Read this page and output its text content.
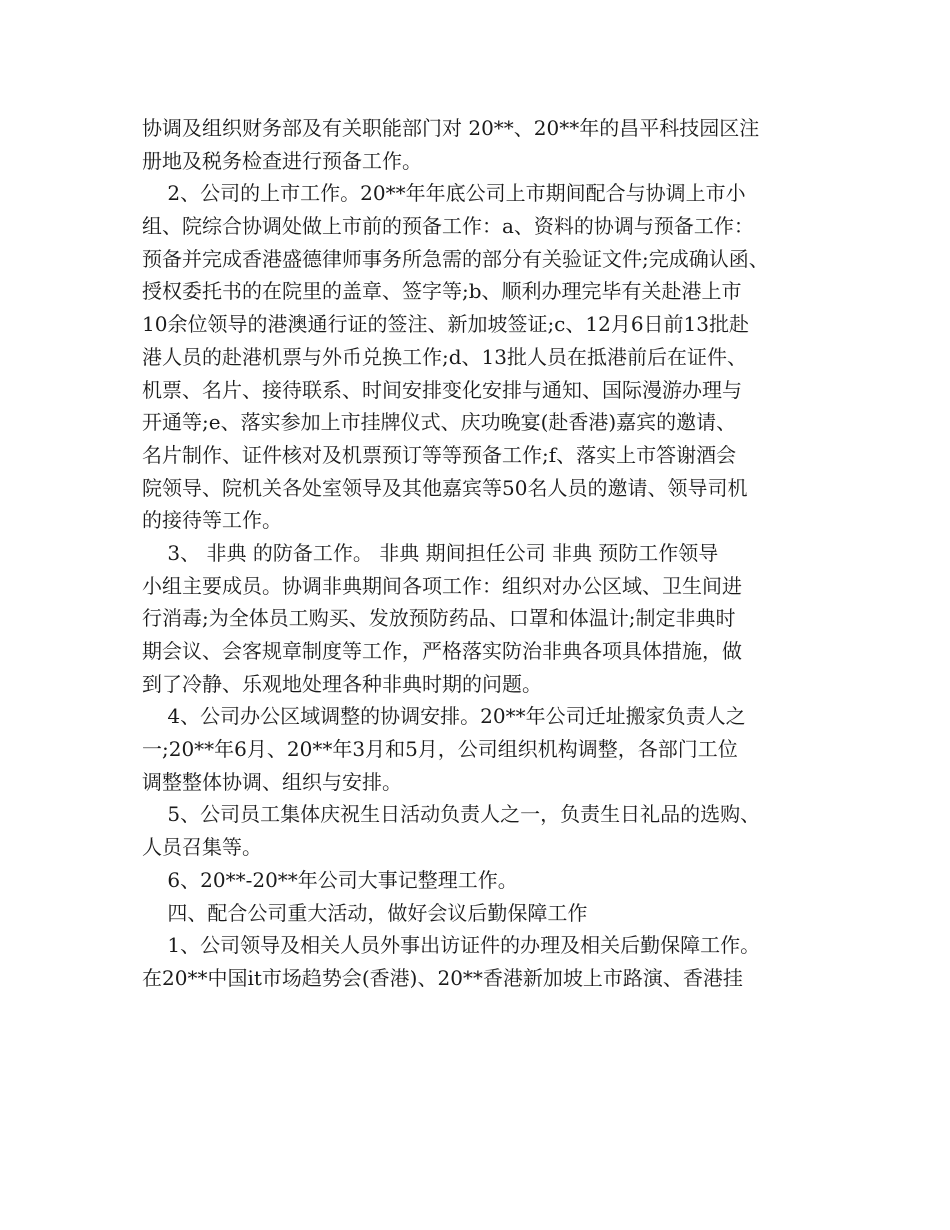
协调及组织财务部及有关职能部门对 20**、20**年的昌平科技园区注
册地及税务检查进行预备工作。
2、公司的上市工作。20**年年底公司上市期间配合与协调上市小
组、院综合协调处做上市前的预备工作：a、资料的协调与预备工作：
预备并完成香港盛德律师事务所急需的部分有关验证文件;完成确认函、
授权委托书的在院里的盖章、签字等;b、顺利办理完毕有关赴港上市
10余位领导的港澳通行证的签注、新加坡签证;c、12月6日前13批赴
港人员的赴港机票与外币兑换工作;d、13批人员在抵港前后在证件、
机票、名片、接待联系、时间安排变化安排与通知、国际漫游办理与
开通等;e、落实参加上市挂牌仪式、庆功晚宴(赴香港)嘉宾的邀请、
名片制作、证件核对及机票预订等等预备工作;f、落实上市答谢酒会
院领导、院机关各处室领导及其他嘉宾等50名人员的邀请、领导司机
的接待等工作。
3、 非典 的防备工作。 非典 期间担任公司 非典 预防工作领导
小组主要成员。协调非典期间各项工作：组织对办公区域、卫生间进
行消毒;为全体员工购买、发放预防药品、口罩和体温计;制定非典时
期会议、会客规章制度等工作，严格落实防治非典各项具体措施，做
到了冷静、乐观地处理各种非典时期的问题。
4、公司办公区域调整的协调安排。20**年公司迁址搬家负责人之
一;20**年6月、20**年3月和5月，公司组织机构调整，各部门工位
调整整体协调、组织与安排。
5、公司员工集体庆祝生日活动负责人之一，负责生日礼品的选购、
人员召集等。
6、20**-20**年公司大事记整理工作。
四、配合公司重大活动，做好会议后勤保障工作
1、公司领导及相关人员外事出访证件的办理及相关后勤保障工作。
在20**中国it市场趋势会(香港)、20**香港新加坡上市路演、香港挂
